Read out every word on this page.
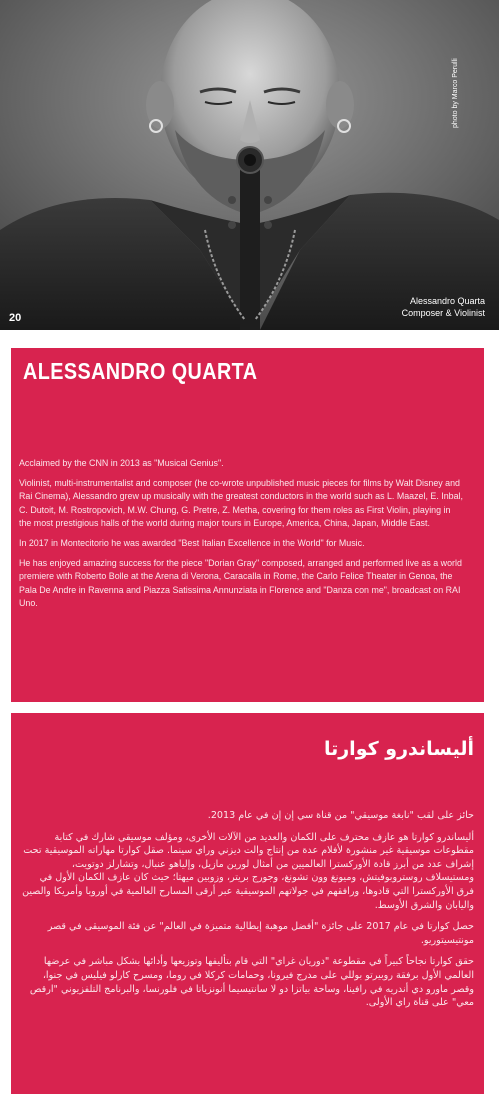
photo by Marco Perulli
20
Alessandro Quarta
Composer & Violinist
ALESSANDRO QUARTA

Acclaimed by the CNN in 2013 as "Musical Genius".

Violinist, multi-instrumentalist and composer (he co-wrote unpublished music pieces for films by Walt Disney and Rai Cinema), Alessandro grew up musically with the greatest conductors in the world such as L. Maazel, E. Inbal, C. Dutoit, M. Rostropovich, M.W. Chung, G. Pretre, Z. Metha, covering for them roles as First Violin, playing in the most prestigious halls of the world during major tours in Europe, America, China, Japan, Middle East.

In 2017 in Montecitorio he was awarded "Best Italian Excellence in the World" for Music.

He has enjoyed amazing success for the piece "Dorian Gray" composed, arranged and performed live as a world premiere with Roberto Bolle at the Arena di Verona, Caracalla in Rome, the Carlo Felice Theater in Genoa, the Pala De Andre in Ravenna and Piazza Satissima Annunziata in Florence and "Danza con me", broadcast on RAI Uno.

أليساندرو كوارتا

حائز على لقب "نابغة موسيقي" من قناة سي إن إن في عام 2013.

أليساندرو كوارتا هو عازف محترف على الكمان والعديد من الآلات الأخرى، ومؤلف موسيقي شارك في كتابة مقطوعات موسيقية غير منشورة لأفلام عدة من إنتاج والت ديزني وراي سينما. صقل كوارتا مهاراته الموسيقية تحت إشراف عدد من أبرز قادة الأوركسترا العالميين من أمثال لورين مازيل، وإلياهو عنبال، وتشارلز دوتويت، ومستيسلاف روستروبوفيتش، وميونغ وون تشونغ، وجورج بريتر، وزوبين ميهتا؛ حيث كان عازف الكمان الأول في فرق الأوركسترا التي قادوها، ورافقهم في جولاتهم الموسيقية عبر أرقى المسارح العالمية في أوروبا وأمريكا والصين واليابان والشرق الأوسط.

حصل كوارتا في عام 2017 على جائزة "أفضل موهبة إيطالية متميزة في العالم" عن فئة الموسيقى في قصر مونتيسيتوريو.

حقق كوارتا نجاحاً كبيراً في مقطوعة "دوريان غراي" التي قام بتأليفها وتوزيعها وأدائها بشكل مباشر في عرضها العالمي الأول برفقة روبيرتو بوللي على مدرج فيرونا، وحمامات كركلا في روما، ومسرح كارلو فيليس في جنوا، وقصر ماورو دي أندريه في رافينا، وساحة بياتزا دو لا سانتيسيما أنونزياتا في فلورنسا، والبرنامج التلفزيوني "ارقص معي" على قناة راي الأولى.
